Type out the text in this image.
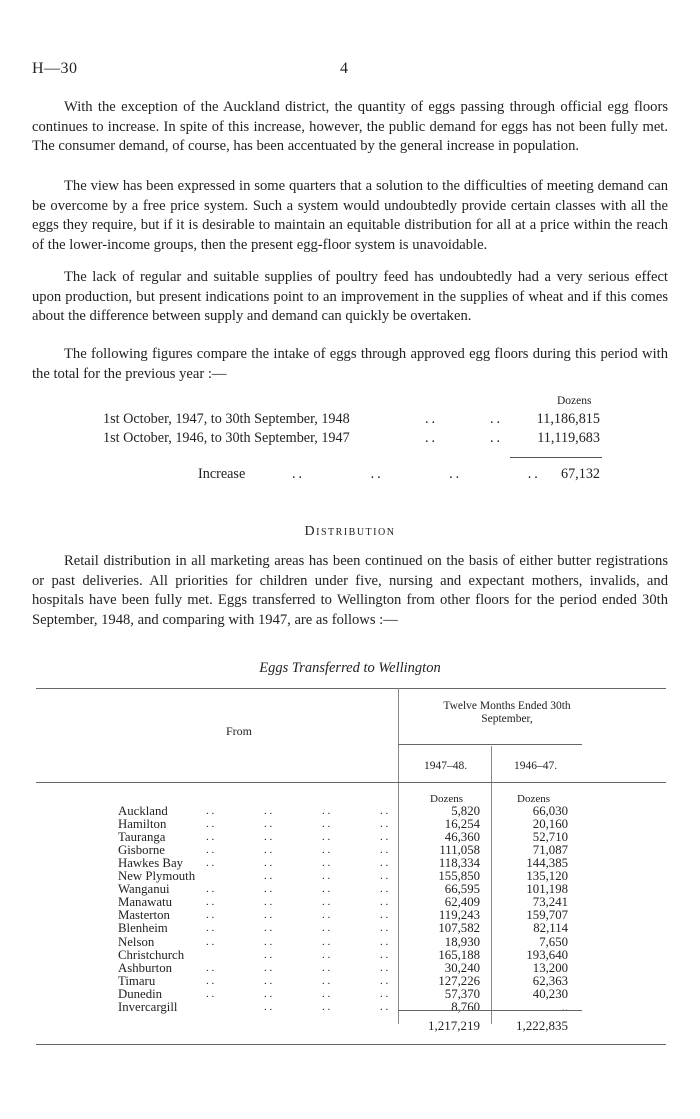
H—30	4

With the exception of the Auckland district, the quantity of eggs passing through official egg floors continues to increase. In spite of this increase, however, the public demand for eggs has not been fully met. The consumer demand, of course, has been accentuated by the general increase in population.

The view has been expressed in some quarters that a solution to the difficulties of meeting demand can be overcome by a free price system. Such a system would undoubtedly provide certain classes with all the eggs they require, but if it is desirable to maintain an equitable distribution for all at a price within the reach of the lower-income groups, then the present egg-floor system is unavoidable.

The lack of regular and suitable supplies of poultry feed has undoubtedly had a very serious effect upon production, but present indications point to an improvement in the supplies of wheat and if this comes about the difference between supply and demand can quickly be overtaken.

The following figures compare the intake of eggs through approved egg floors during this period with the total for the previous year :—

Dozens
1st October, 1947, to 30th September, 1948	..	.. 11,186,815
1st October, 1946, to 30th September, 1947	..	.. 11,119,683
Increase	..          ..          ..          .. 67,132
Distribution

Retail distribution in all marketing areas has been continued on the basis of either butter registrations or past deliveries. All priorities for children under five, nursing and expectant mothers, invalids, and hospitals have been fully met. Eggs transferred to Wellington from other floors for the period ended 30th September, 1948, and comparing with 1947, are as follows :—

Eggs Transferred to Wellington
Twelve Months Ended 30th September,
From
1947–48.	1946–47.
Dozens	Dozens
Auckland	. .	. .	. .	. .	5,820	66,030
Hamilton	. .	. .	. .	. .	16,254	20,160
Tauranga	. .	. .	. .	. .	46,360	52,710
Gisborne	. .	. .	. .	. .	111,058	71,087
Hawkes Bay . .	. .	. .	. .	118,334	144,385
New Plymouth	. .	. .	. .	155,850	135,120
Wanganui	. .	. .	. .	. .	66,595	101,198
Manawatu	. .	. .	. .	. .	62,409	73,241
Masterton	. .	. .	. .	. .	119,243	159,707
Blenheim	. .	. .	. .	. .	107,582	82,114
Nelson	. .	. .	. .	. .	18,930	7,650
Christchurch	. .	. .	. .	165,188	193,640
Ashburton	. .	. .	. .	. .	30,240	13,200
Timaru	. .	. .	. .	. .	127,226	62,363
Dunedin	. .	. .	. .	. .	57,370	40,230
Invercargill	. .	. .	. .	8,760	..
1,217,219	1,222,835
